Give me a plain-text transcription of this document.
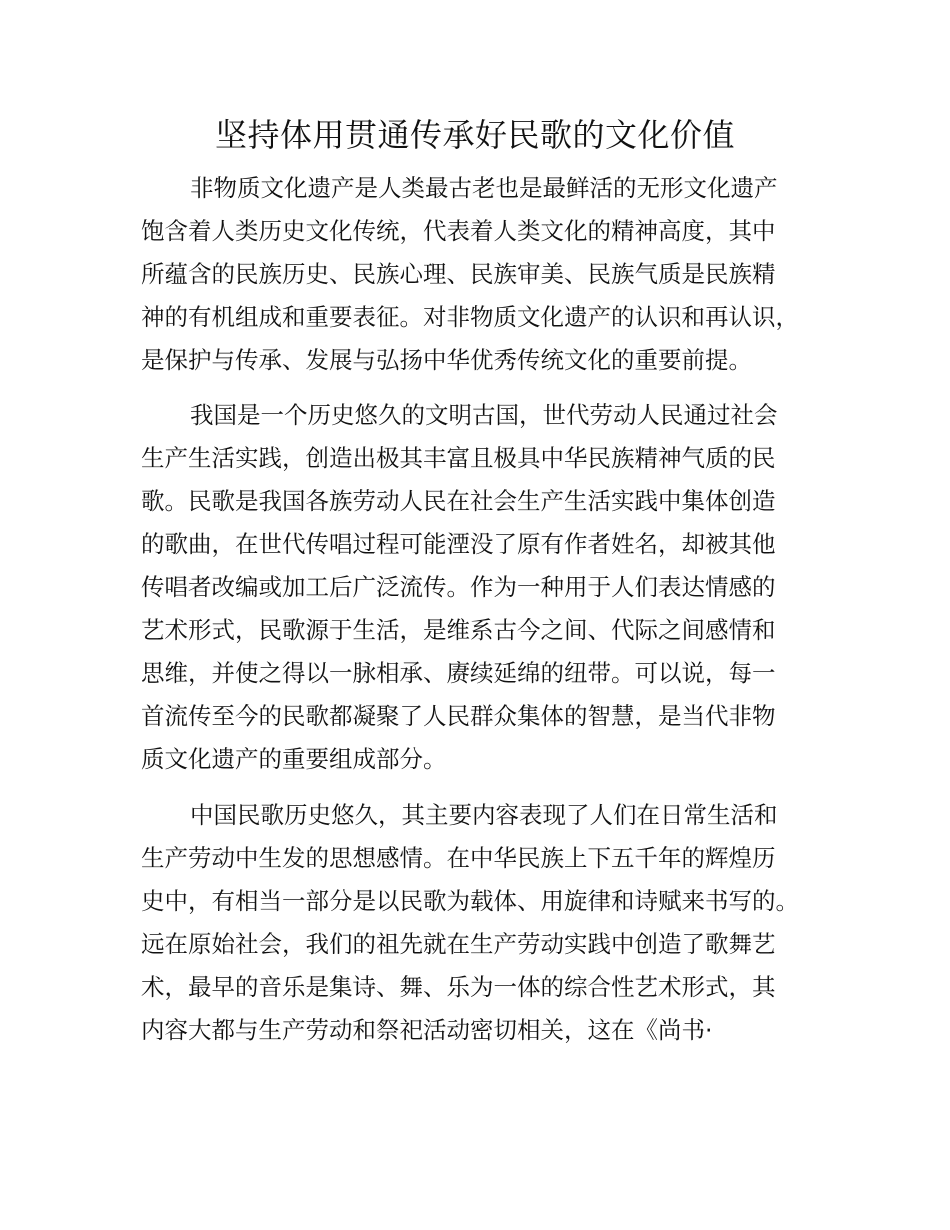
坚持体用贯通传承好民歌的文化价值

非物质文化遗产是人类最古老也是最鲜活的无形文化遗产

饱含着人类历史文化传统，代表着人类文化的精神高度，其中

所蕴含的民族历史、民族心理、民族审美、民族气质是民族精

神的有机组成和重要表征。对非物质文化遗产的认识和再认识，

是保护与传承、发展与弘扬中华优秀传统文化的重要前提。

我国是一个历史悠久的文明古国，世代劳动人民通过社会

生产生活实践，创造出极其丰富且极具中华民族精神气质的民

歌。民歌是我国各族劳动人民在社会生产生活实践中集体创造

的歌曲，在世代传唱过程可能湮没了原有作者姓名，却被其他

传唱者改编或加工后广泛流传。作为一种用于人们表达情感的

艺术形式，民歌源于生活，是维系古今之间、代际之间感情和

思维，并使之得以一脉相承、赓续延绵的纽带。可以说，每一

首流传至今的民歌都凝聚了人民群众集体的智慧，是当代非物

质文化遗产的重要组成部分。

中国民歌历史悠久，其主要内容表现了人们在日常生活和

生产劳动中生发的思想感情。在中华民族上下五千年的辉煌历

史中，有相当一部分是以民歌为载体、用旋律和诗赋来书写的。

远在原始社会，我们的祖先就在生产劳动实践中创造了歌舞艺

术，最早的音乐是集诗、舞、乐为一体的综合性艺术形式，其

内容大都与生产劳动和祭祀活动密切相关，这在《尚书·
